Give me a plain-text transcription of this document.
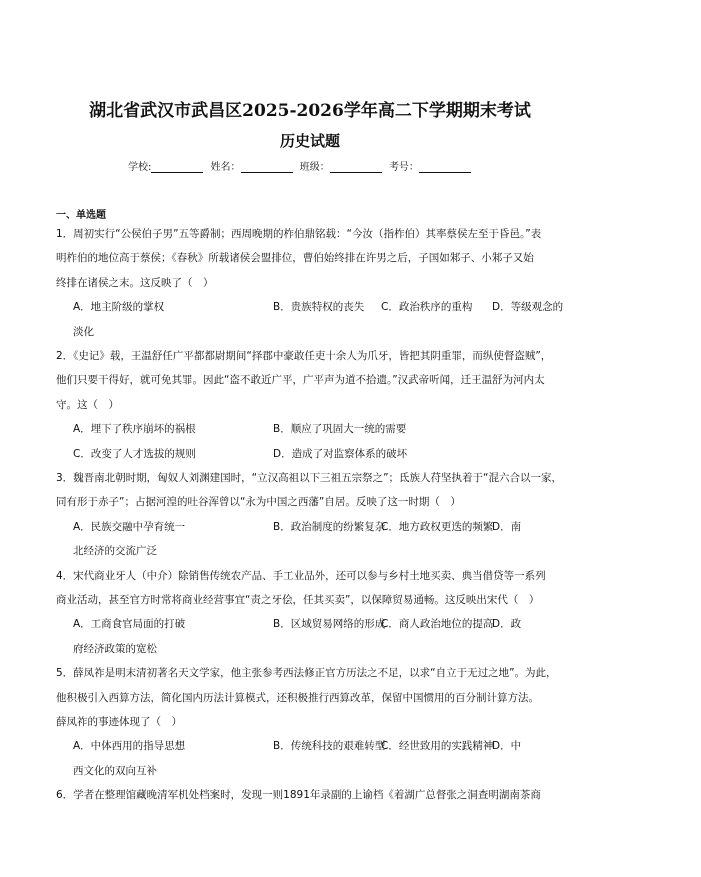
湖北省武汉市武昌区2025-2026学年高二下学期期末考试
历史试题
学校:	姓名：	班级：	考号：
一、单选题
1．周初实行“公侯伯子男”五等爵制；西周晚期的柞伯鼎铭载：“今汝（指柞伯）其率蔡侯左至于昏邑。”表
明柞伯的地位高于蔡侯；《春秋》所载诸侯会盟排位，曹伯始终排在许男之后，子国如邾子、小邾子又始
终排在诸侯之末。这反映了（　）
A．地主阶级的掌权	B．贵族特权的丧失 C．政治秩序的重构 D．等级观念的
淡化
2．《史记》载，王温舒任广平都都尉期间“择郡中豪敢任吏十余人为爪牙，皆把其阴重罪，而纵使督盗贼”，
他们只要干得好，就可免其罪。因此“盗不敢近广平，广平声为道不拾遗。”汉武帝听闻，迁王温舒为河内太
守。这（　）
A．埋下了秩序崩坏的祸根	B．顺应了巩固大一统的需要
C．改变了人才选拔的规则	D．造成了对监察体系的破坏
3．魏晋南北朝时期，匈奴人刘渊建国时，“立汉高祖以下三祖五宗祭之”；氐族人苻坚执着于“混六合以一家，
同有形于赤子”；占据河湟的吐谷浑曾以“永为中国之西藩”自居。反映了这一时期（　）
A．民族交融中孕育统一	B．政治制度的纷繁复杂
C．地方政权更迭的频繁
D．南
北经济的交流广泛
4．宋代商业牙人（中介）除销售传统农产品、手工业品外，还可以参与乡村土地买卖、典当借贷等一系列
商业活动，甚至官方时常将商业经营事宜“责之牙侩，任其买卖”，以保障贸易通畅。这反映出宋代（　）
A．工商食官局面的打破	B．区域贸易网络的形成
C．商人政治地位的提高
D．政
府经济政策的宽松
5．薛凤祚是明末清初著名天文学家，他主张参考西法修正官方历法之不足，以求“自立于无过之地”。为此，
他积极引入西算方法，简化国内历法计算模式，还积极推行西算改革，保留中国惯用的百分制计算方法。
薛凤祚的事迹体现了（　）
A．中体西用的指导思想	B．传统科技的艰难转型
C．经世致用的实践精神
D．中
西文化的双向互补
6．学者在整理馆藏晚清军机处档案时，发现一则1891年录副的上谕档《着湖广总督张之洞查明湖南茶商
